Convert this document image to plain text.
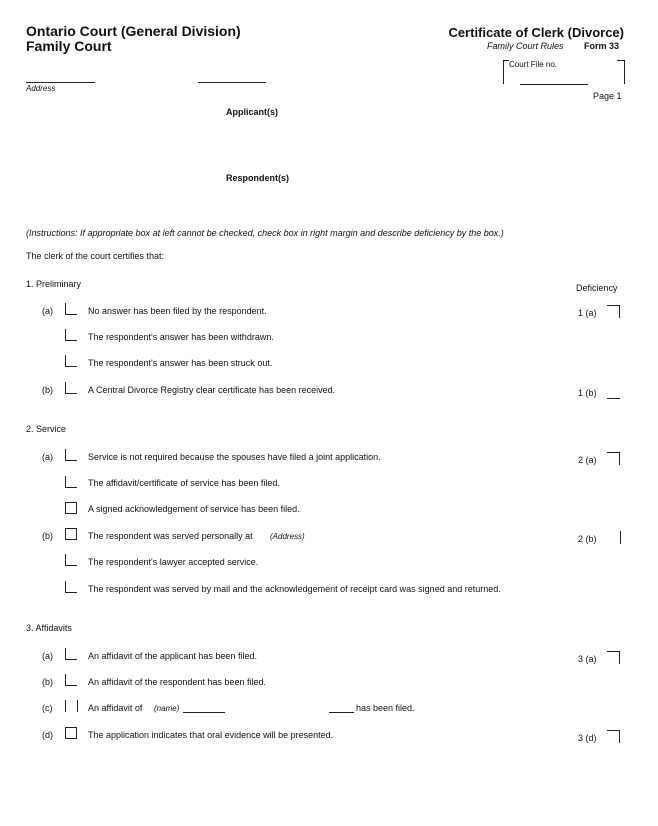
Ontario Court (General Division)
Family Court
Certificate of Clerk (Divorce)
Family Court Rules Form 33
Court File no.
Address
Page 1
Applicant(s)
Respondent(s)
(Instructions: If appropriate box at left cannot be checked, check box in right margin and describe deficiency by the box.)
The clerk of the court certifies that:
1. Preliminary	Deficiency
(a)	No answer has been filed by the respondent.	1 (a)
The respondent's answer has been withdrawn.
The respondent's answer has been struck out.
(b)	A Central Divorce Registry clear certificate has been received.	1 (b)
2. Service
(a)	Service is not required because the spouses have filed a joint application.	2 (a)
The affidavit/certificate of service has been filed.
A signed acknowledgement of service has been filed.
(b)	The respondent was served personally at (Address)	2 (b)
The respondent's lawyer accepted service.
The respondent was served by mail and the acknowledgement of receipt card was signed and returned.
3. Affidavits
(a)	An affidavit of the applicant has been filed.	3 (a)
(b)	An affidavit of the respondent has been filed.
(c)	An affidavit of (name)	has been filed.
(d)	The application indicates that oral evidence will be presented.	3 (d)
